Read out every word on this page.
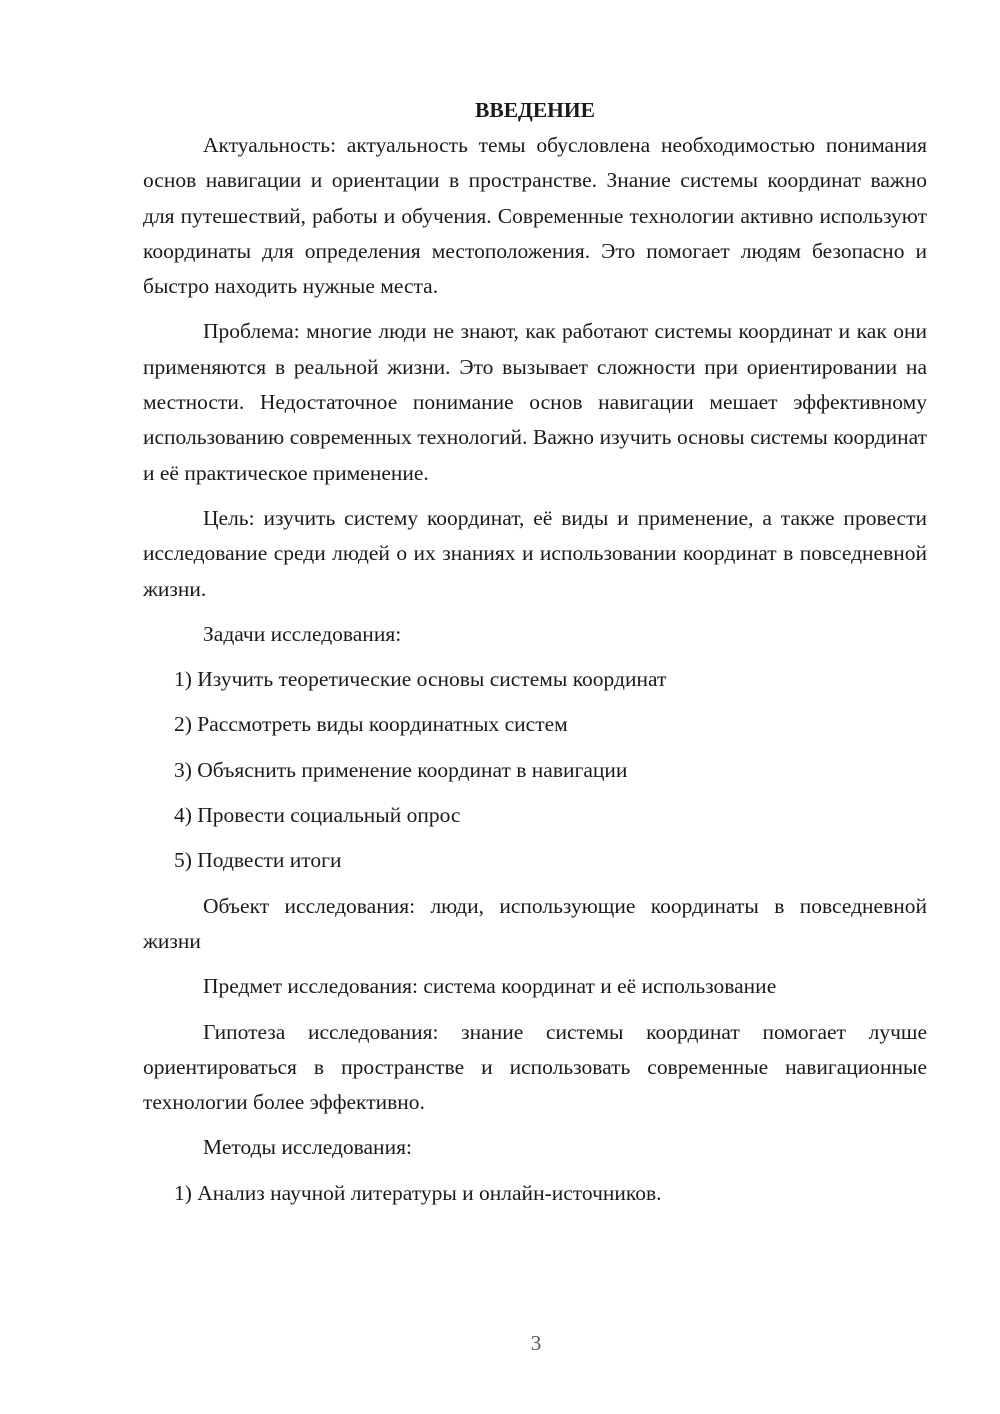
ВВЕДЕНИЕ

Актуальность: актуальность темы обусловлена необходимостью понимания основ навигации и ориентации в пространстве. Знание системы координат важно для путешествий, работы и обучения. Современные технологии активно используют координаты для определения местоположения. Это помогает людям безопасно и быстро находить нужные места.

Проблема: многие люди не знают, как работают системы координат и как они применяются в реальной жизни. Это вызывает сложности при ориентировании на местности. Недостаточное понимание основ навигации мешает эффективному использованию современных технологий. Важно изучить основы системы координат и её практическое применение.

Цель: изучить систему координат, её виды и применение, а также провести исследование среди людей о их знаниях и использовании координат в повседневной жизни.

Задачи исследования:

1) Изучить теоретические основы системы координат

2) Рассмотреть виды координатных систем

3) Объяснить применение координат в навигации

4) Провести социальный опрос

5) Подвести итоги

Объект исследования: люди, использующие координаты в повседневной жизни

Предмет исследования: система координат и её использование

Гипотеза исследования: знание системы координат помогает лучше ориентироваться в пространстве и использовать современные навигационные технологии более эффективно.

Методы исследования:

1) Анализ научной литературы и онлайн-источников.

3
